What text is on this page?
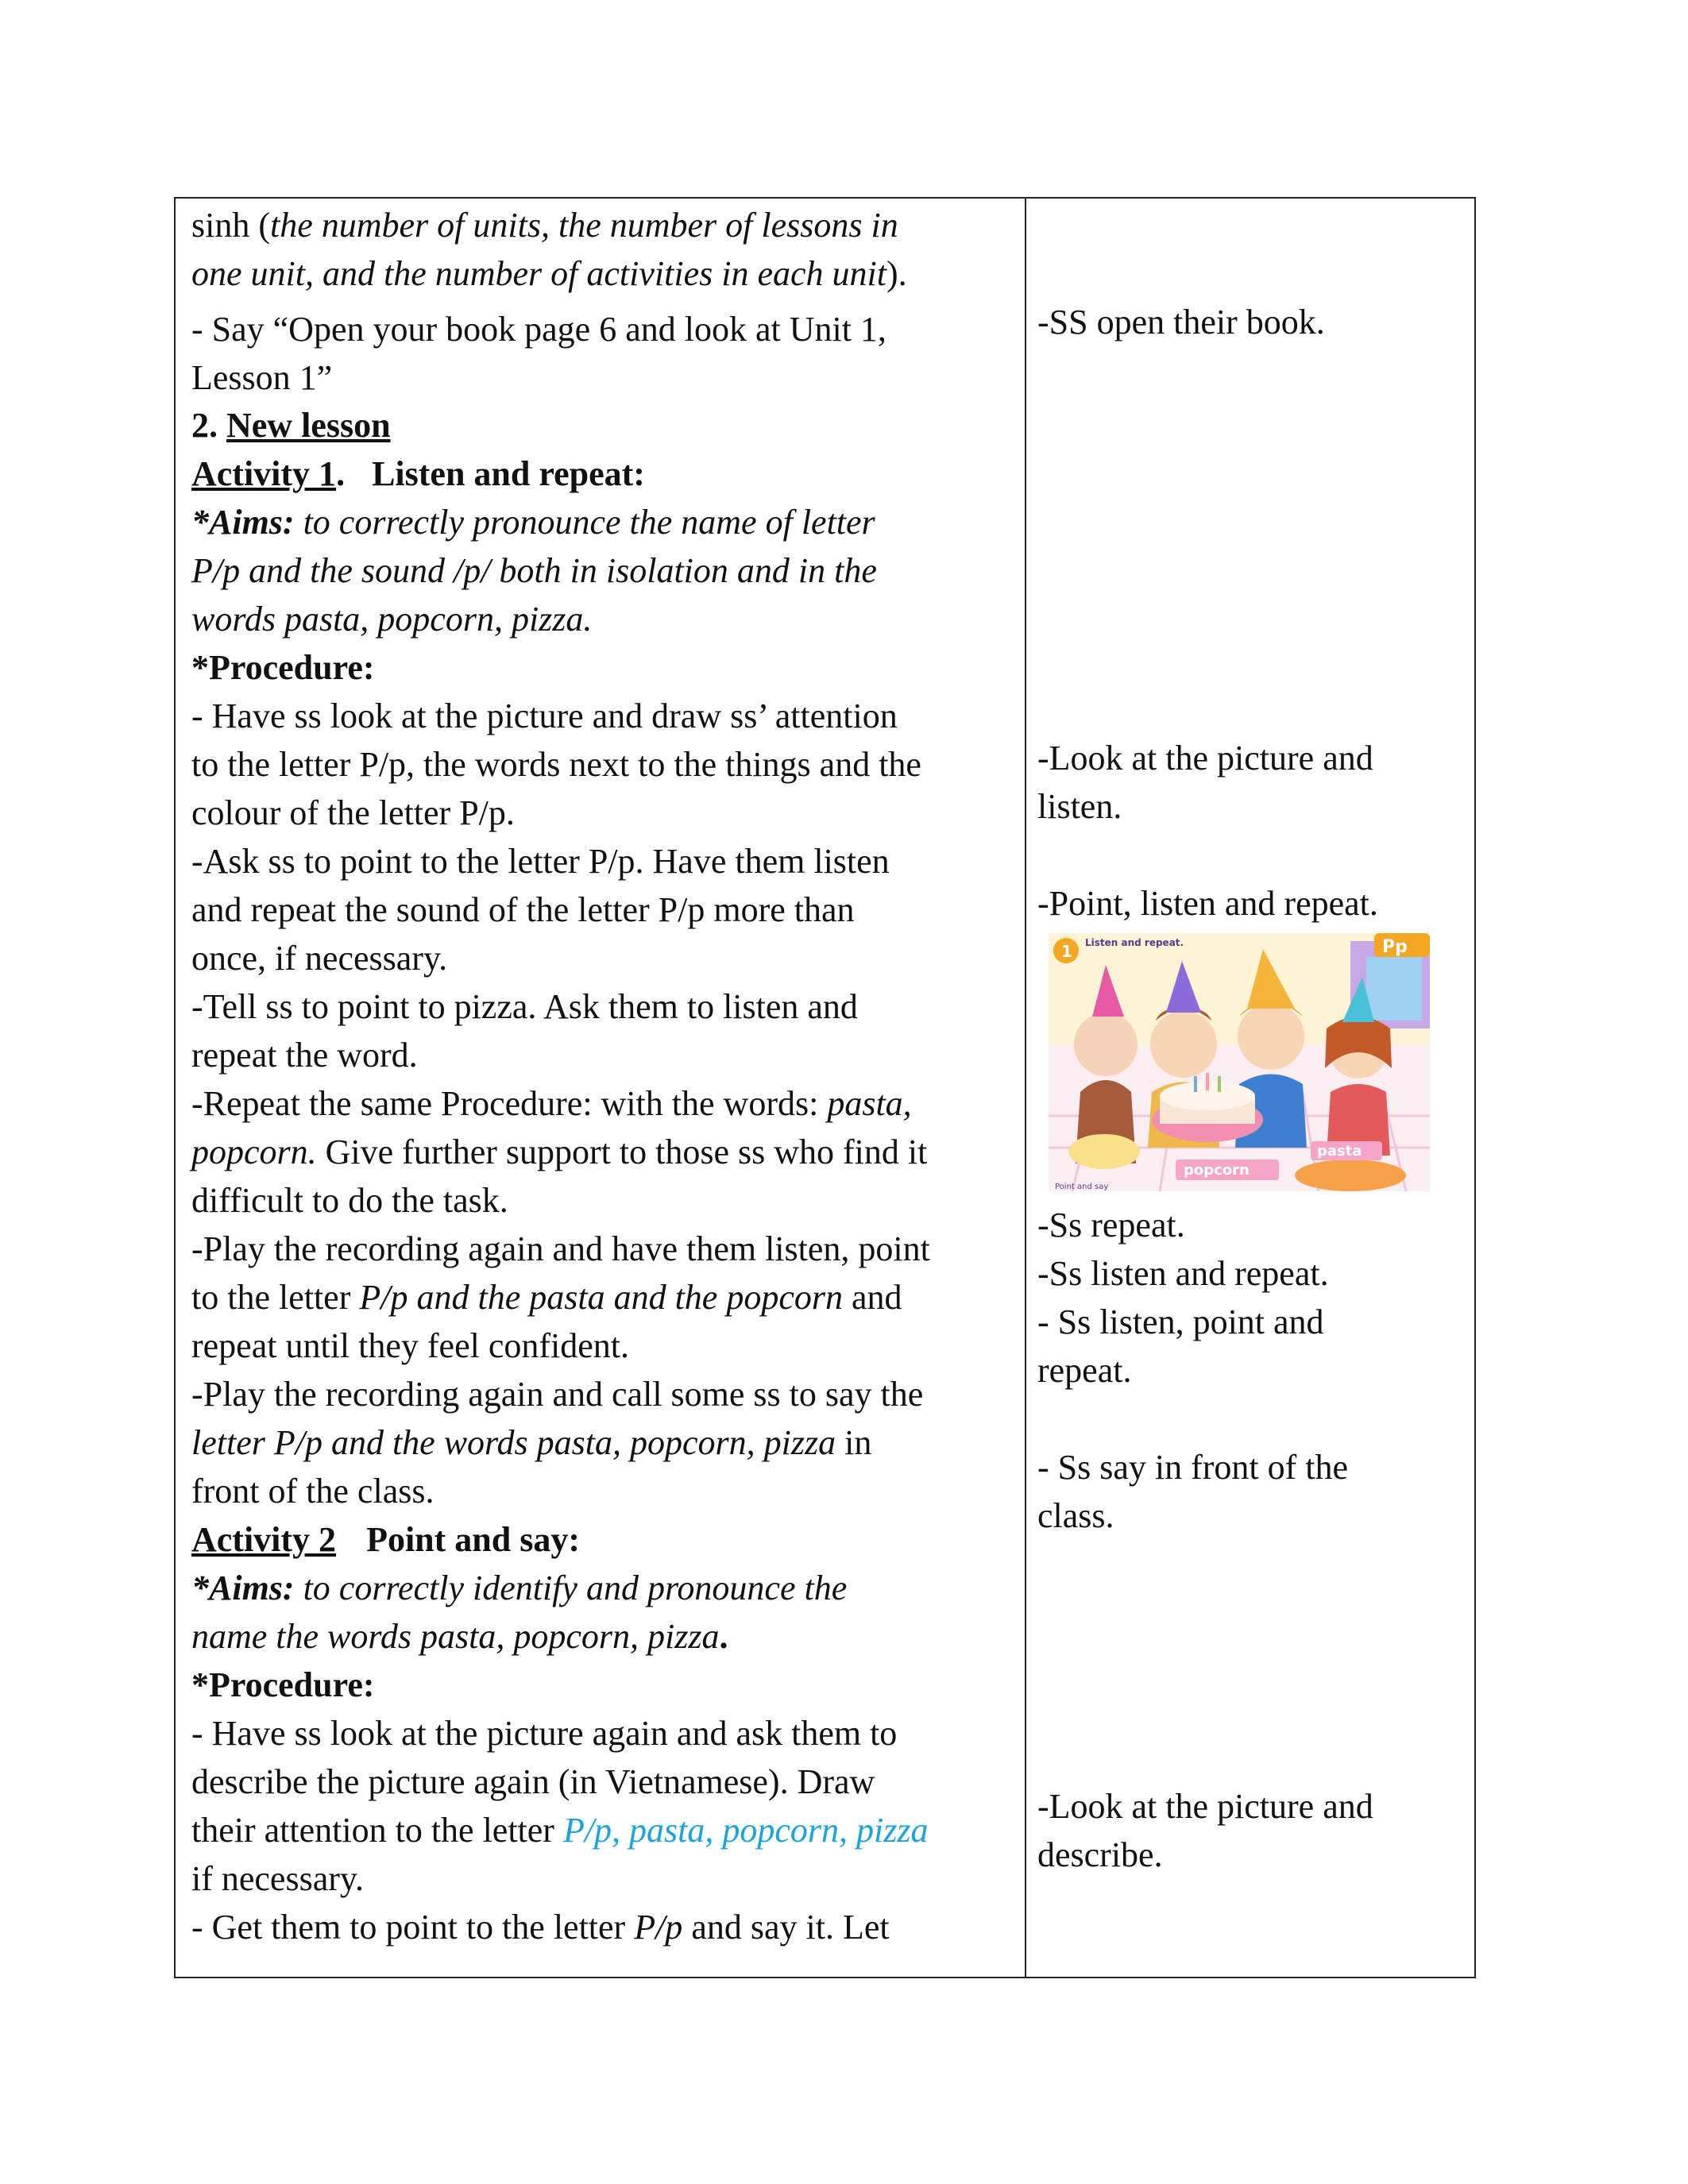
sinh (the number of units, the number of lessons in
one unit, and the number of activities in each unit).
- Say “Open your book page 6 and look at Unit 1,
Lesson 1”
2. New lesson
Activity 1. Listen and repeat:
*Aims: to correctly pronounce the name of letter
P/p and the sound /p/ both in isolation and in the
words pasta, popcorn, pizza.
*Procedure:
- Have ss look at the picture and draw ss’ attention
to the letter P/p, the words next to the things and the
colour of the letter P/p.
-Ask ss to point to the letter P/p. Have them listen
and repeat the sound of the letter P/p more than
once, if necessary.
-Tell ss to point to pizza. Ask them to listen and
repeat the word.
-Repeat the same Procedure: with the words: pasta,
popcorn. Give further support to those ss who find it
difficult to do the task.
-Play the recording again and have them listen, point
to the letter P/p and the pasta and the popcorn and
repeat until they feel confident.
-Play the recording again and call some ss to say the
letter P/p and the words pasta, popcorn, pizza in
front of the class.
Activity 2 Point and say:
*Aims: to correctly identify and pronounce the
name the words pasta, popcorn, pizza.
*Procedure:
- Have ss look at the picture again and ask them to
describe the picture again (in Vietnamese). Draw
their attention to the letter P/p, pasta, popcorn, pizza
if necessary.
- Get them to point to the letter P/p and say it. Let
-SS open their book.
-Look at the picture and
listen.
-Point, listen and repeat.
Pp
1 Listen and repeat.
pasta
popcorn
Point and say
-Ss repeat.
-Ss listen and repeat.
- Ss listen, point and
repeat.
- Ss say in front of the
class.
-Look at the picture and
describe.
